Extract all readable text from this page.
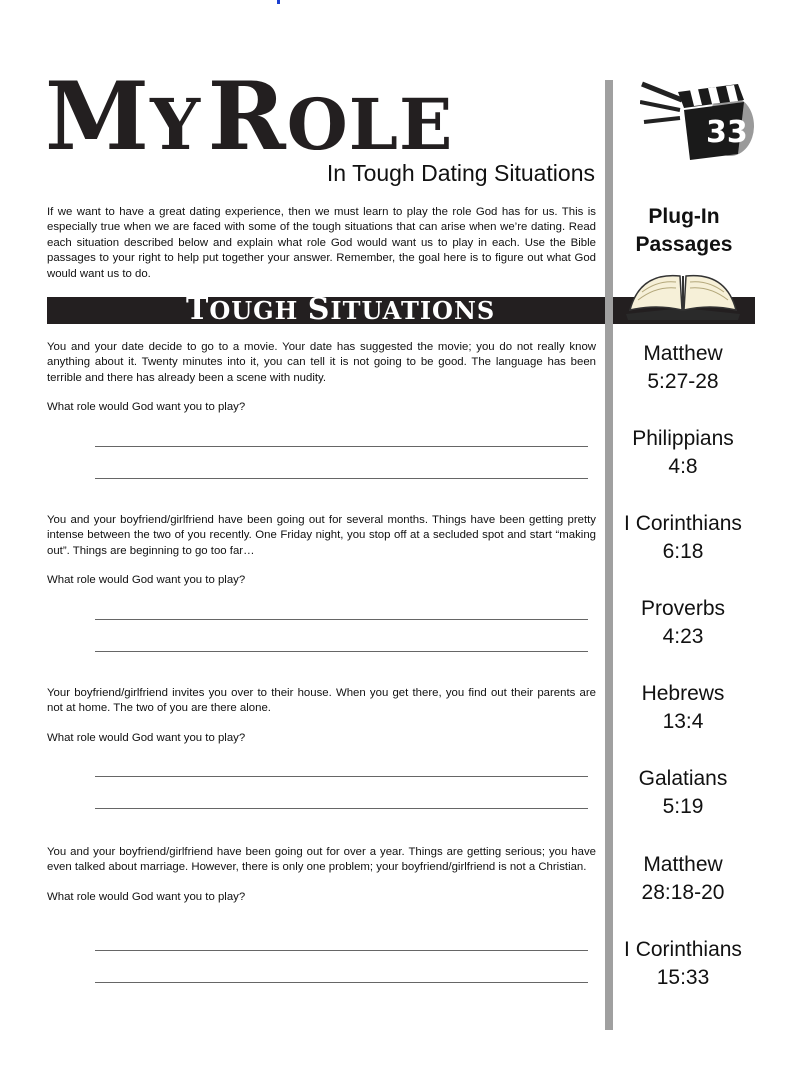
MY ROLE
In Tough Dating Situations
If we want to have a great dating experience, then we must learn to play the role God has for us. This is especially true when we are faced with some of the tough situations that can arise when we’re dating. Read each situation described below and explain what role God would want us to play in each. Use the Bible passages to your right to help put together your answer. Remember, the goal here is to figure out what God would want us to do.
33
Plug-In
Passages
TOUGH SITUATIONS

You and your date decide to go to a movie. Your date has suggested the movie; you do not really know anything about it. Twenty minutes into it, you can tell it is not going to be good. The language has been terrible and there has already been a scene with nudity.

What role would God want you to play?

You and your boyfriend/girlfriend have been going out for several months. Things have been getting pretty intense between the two of you recently. One Friday night, you stop off at a secluded spot and start “making out”. Things are beginning to go too far…

What role would God want you to play?

Your boyfriend/girlfriend invites you over to their house. When you get there, you find out their parents are not at home. The two of you are there alone.

What role would God want you to play?

You and your boyfriend/girlfriend have been going out for over a year. Things are getting serious; you have even talked about marriage. However, there is only one problem; your boyfriend/girlfriend is not a Christian.

What role would God want you to play?

Matthew
5:27-28
Philippians
4:8
I Corinthians
6:18
Proverbs
4:23
Hebrews
13:4
Galatians
5:19
Matthew
28:18-20
I Corinthians
15:33
